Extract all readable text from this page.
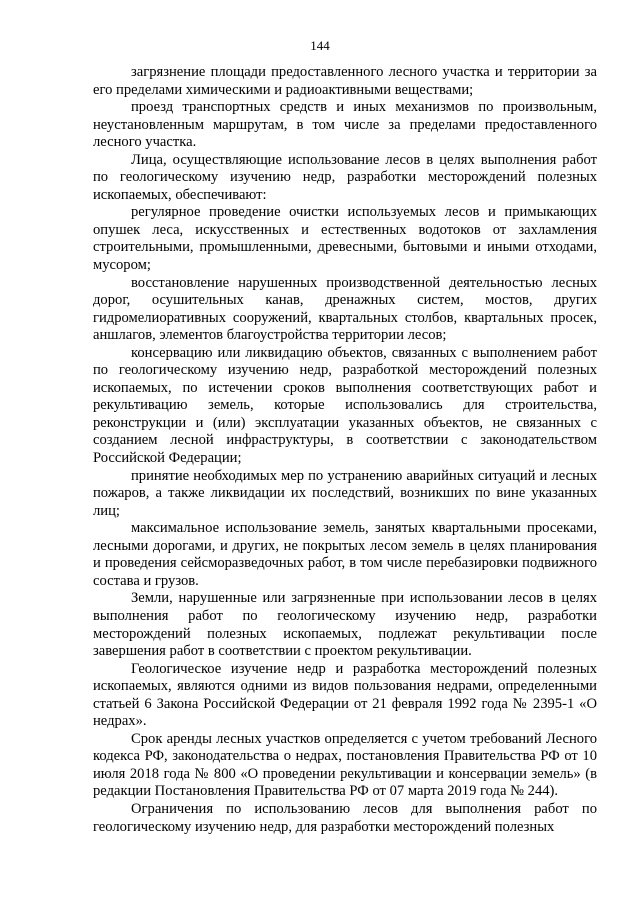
144

загрязнение площади предоставленного лесного участка и территории за его пределами химическими и радиоактивными веществами;

проезд транспортных средств и иных механизмов по произвольным, неустановленным маршрутам, в том числе за пределами предоставленного лесного участка.

Лица, осуществляющие использование лесов в целях выполнения работ по геологическому изучению недр, разработки месторождений полезных ископаемых, обеспечивают:

регулярное проведение очистки используемых лесов и примыкающих опушек леса, искусственных и естественных водотоков от захламления строительными, промышленными, древесными, бытовыми и иными отходами, мусором;

восстановление нарушенных производственной деятельностью лесных дорог, осушительных канав, дренажных систем, мостов, других гидромелиоративных сооружений, квартальных столбов, квартальных просек, аншлагов, элементов благоустройства территории лесов;

консервацию или ликвидацию объектов, связанных с выполнением работ по геологическому изучению недр, разработкой месторождений полезных ископаемых, по истечении сроков выполнения соответствующих работ и рекультивацию земель, которые использовались для строительства, реконструкции и (или) эксплуатации указанных объектов, не связанных с созданием лесной инфраструктуры, в соответствии с законодательством Российской Федерации;

принятие необходимых мер по устранению аварийных ситуаций и лесных пожаров, а также ликвидации их последствий, возникших по вине указанных лиц;

максимальное использование земель, занятых квартальными просеками, лесными дорогами, и других, не покрытых лесом земель в целях планирования и проведения сейсморазведочных работ, в том числе перебазировки подвижного состава и грузов.

Земли, нарушенные или загрязненные при использовании лесов в целях выполнения работ по геологическому изучению недр, разработки месторождений полезных ископаемых, подлежат рекультивации после завершения работ в соответствии с проектом рекультивации.

Геологическое изучение недр и разработка месторождений полезных ископаемых, являются одними из видов пользования недрами, определенными статьей 6 Закона Российской Федерации от 21 февраля 1992 года № 2395-1 «О недрах».

Срок аренды лесных участков определяется с учетом требований Лесного кодекса РФ, законодательства о недрах, постановления Правительства РФ от 10 июля 2018 года № 800 «О проведении рекультивации и консервации земель» (в редакции Постановления Правительства РФ от 07 марта 2019 года № 244).

Ограничения по использованию лесов для выполнения работ по геологическому изучению недр, для разработки месторождений полезных
